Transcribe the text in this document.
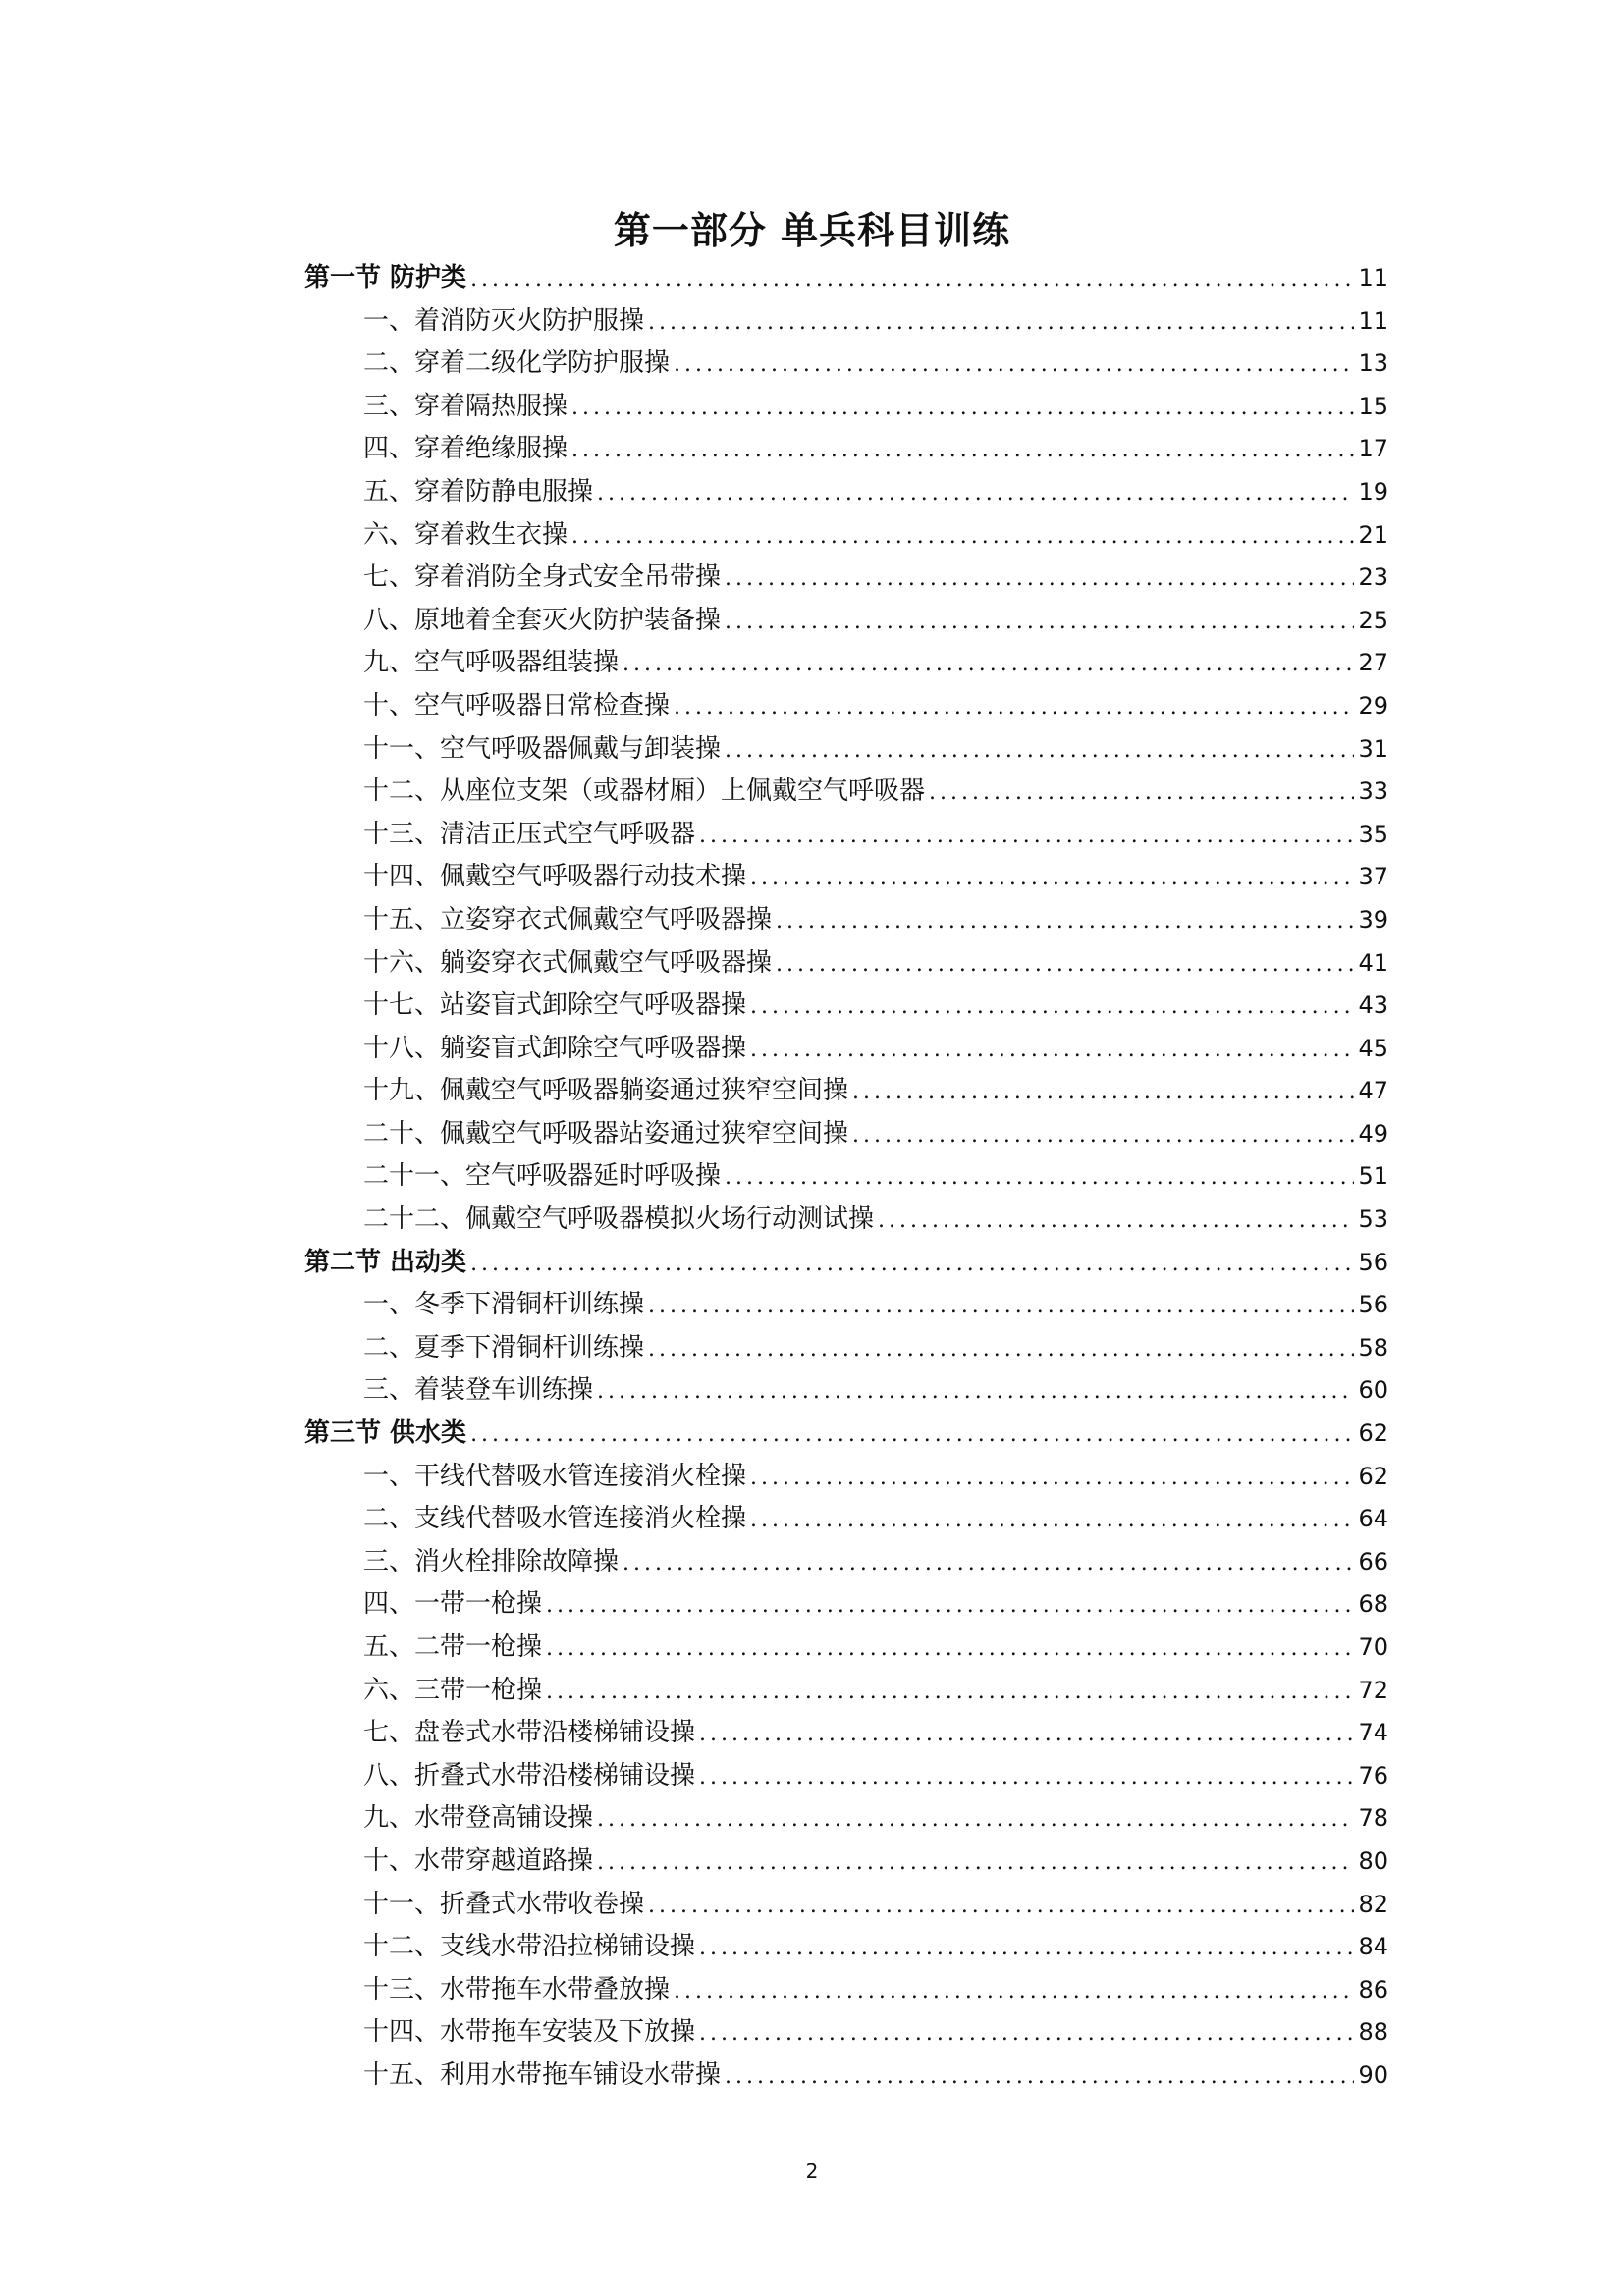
第一部分 单兵科目训练
第一节 防护类 .....	11
一、着消防灭火防护服操 .....	11
二、穿着二级化学防护服操 .....	13
三、穿着隔热服操 .....	15
四、穿着绝缘服操 .....	17
五、穿着防静电服操 .....	19
六、穿着救生衣操 .....	21
七、穿着消防全身式安全吊带操 .....	23
八、原地着全套灭火防护装备操 .....	25
九、空气呼吸器组装操 .....	27
十、空气呼吸器日常检查操 .....	29
十一、空气呼吸器佩戴与卸装操 .....	31
十二、从座位支架（或器材厢）上佩戴空气呼吸器 .....	33
十三、清洁正压式空气呼吸器 .....	35
十四、佩戴空气呼吸器行动技术操 .....	37
十五、立姿穿衣式佩戴空气呼吸器操 .....	39
十六、躺姿穿衣式佩戴空气呼吸器操 .....	41
十七、站姿盲式卸除空气呼吸器操 .....	43
十八、躺姿盲式卸除空气呼吸器操 .....	45
十九、佩戴空气呼吸器躺姿通过狭窄空间操 .....	47
二十、佩戴空气呼吸器站姿通过狭窄空间操 .....	49
二十一、空气呼吸器延时呼吸操 .....	51
二十二、佩戴空气呼吸器模拟火场行动测试操 .....	53
第二节 出动类 .....	56
一、冬季下滑铜杆训练操 .....	56
二、夏季下滑铜杆训练操 .....	58
三、着装登车训练操 .....	60
第三节 供水类 .....	62
一、干线代替吸水管连接消火栓操 .....	62
二、支线代替吸水管连接消火栓操 .....	64
三、消火栓排除故障操 .....	66
四、一带一枪操 .....	68
五、二带一枪操 .....	70
六、三带一枪操 .....	72
七、盘卷式水带沿楼梯铺设操 .....	74
八、折叠式水带沿楼梯铺设操 .....	76
九、水带登高铺设操 .....	78
十、水带穿越道路操 .....	80
十一、折叠式水带收卷操 .....	82
十二、支线水带沿拉梯铺设操 .....	84
十三、水带拖车水带叠放操 .....	86
十四、水带拖车安装及下放操 .....	88
十五、利用水带拖车铺设水带操 .....	90
2
